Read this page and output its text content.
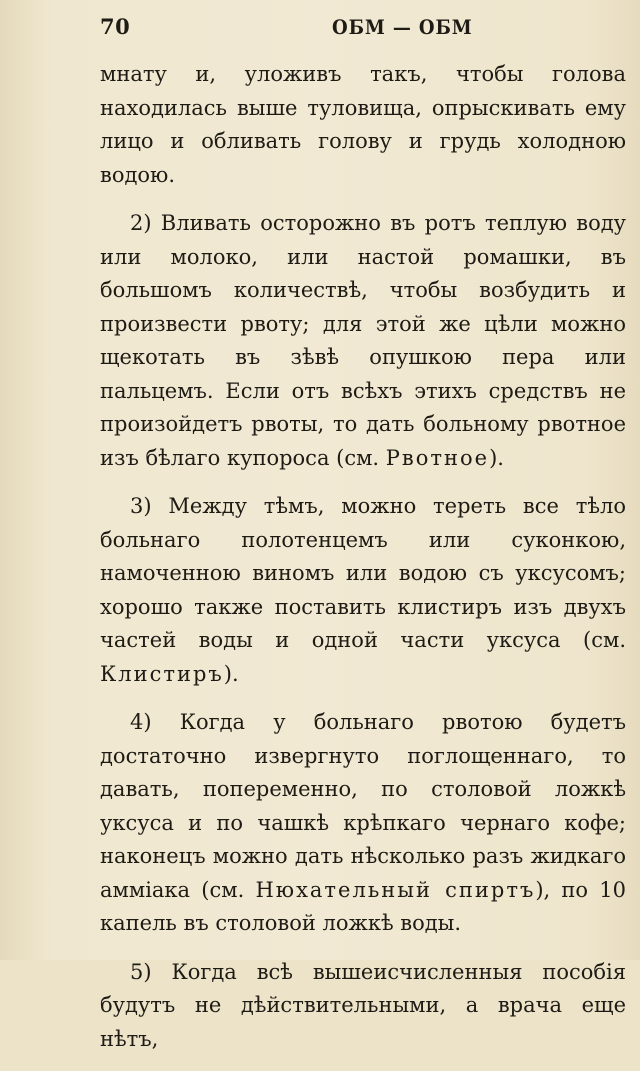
70	ОБМ — ОБМ

мнату и, уложивъ такъ, чтобы голова находилась выше туловища, опрыскивать ему лицо и обливать голову и грудь холодною водою.

2) Вливать осторожно въ ротъ теплую воду или молоко, или настой ромашки, въ большомъ количествѣ, чтобы возбудить и произвести рвоту; для этой же цѣли можно щекотать въ зѣвѣ опушкою пера или пальцемъ. Если отъ всѣхъ этихъ средствъ не произойдетъ рвоты, то дать больному рвотное изъ бѣлаго купороса (см. Рвотное).

3) Между тѣмъ, можно тереть все тѣло больнаго полотенцемъ или суконкою, намоченною виномъ или водою съ уксусомъ; хорошо также поставить клистиръ изъ двухъ частей воды и одной части уксуса (см. Клистиръ).

4) Когда у больнаго рвотою будетъ достаточно извергнуто поглощеннаго, то давать, попеременно, по столовой ложкѣ уксуса и по чашкѣ крѣпкаго чернаго кофе; наконецъ можно дать нѣсколько разъ жидкаго амміака (см. Нюхательный спиртъ), по 10 капель въ столовой ложкѣ воды.

5) Когда всѣ вышеисчисленныя пособія будутъ не дѣйствительными, а врача еще нѣтъ,
